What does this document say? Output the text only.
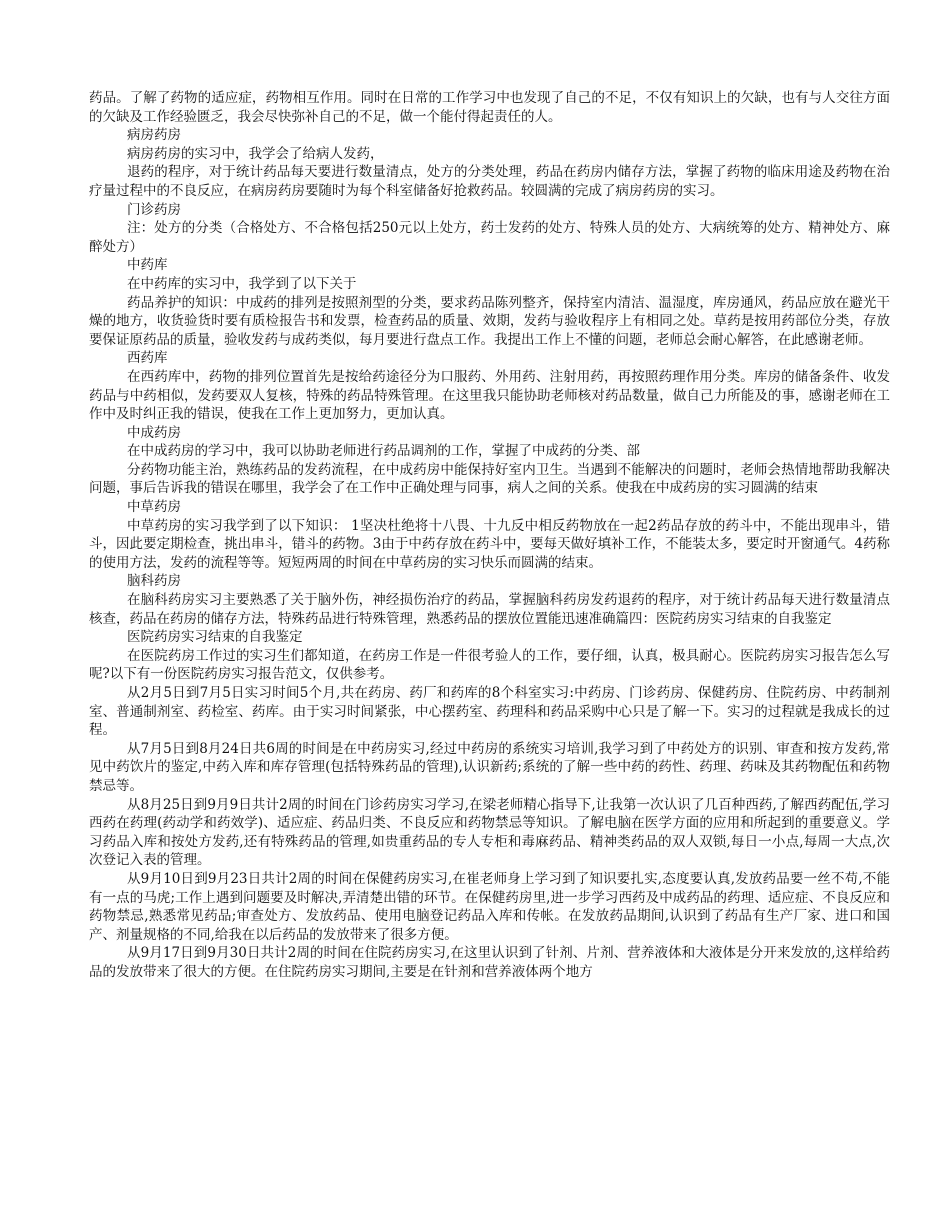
药品。了解了药物的适应症，药物相互作用。同时在日常的工作学习中也发现了自己的不足，不仅有知识上的欠缺，也有与人交往方面的欠缺及工作经验匮乏，我会尽快弥补自己的不足，做一个能付得起责任的人。

病房药房

病房药房的实习中，我学会了给病人发药，

退药的程序，对于统计药品每天要进行数量清点，处方的分类处理，药品在药房内储存方法，掌握了药物的临床用途及药物在治疗量过程中的不良反应，在病房药房要随时为每个科室储备好抢救药品。较圆满的完成了病房药房的实习。

门诊药房

注：处方的分类（合格处方、不合格包括250元以上处方，药士发药的处方、特殊人员的处方、大病统筹的处方、精神处方、麻醉处方）

中药库

在中药库的实习中，我学到了以下关于

药品养护的知识：中成药的排列是按照剂型的分类，要求药品陈列整齐，保持室内清洁、温湿度，库房通风，药品应放在避光干燥的地方，收货验货时要有质检报告书和发票，检查药品的质量、效期，发药与验收程序上有相同之处。草药是按用药部位分类，存放要保证原药品的质量，验收发药与成药类似，每月要进行盘点工作。我提出工作上不懂的问题，老师总会耐心解答，在此感谢老师。

西药库

在西药库中，药物的排列位置首先是按给药途径分为口服药、外用药、注射用药，再按照药理作用分类。库房的储备条件、收发药品与中药相似，发药要双人复核，特殊的药品特殊管理。在这里我只能协助老师核对药品数量，做自己力所能及的事，感谢老师在工作中及时纠正我的错误，使我在工作上更加努力，更加认真。

中成药房

在中成药房的学习中，我可以协助老师进行药品调剂的工作，掌握了中成药的分类、部

分药物功能主治，熟练药品的发药流程，在中成药房中能保持好室内卫生。当遇到不能解决的问题时，老师会热情地帮助我解决问题，事后告诉我的错误在哪里，我学会了在工作中正确处理与同事，病人之间的关系。使我在中成药房的实习圆满的结束

中草药房

中草药房的实习我学到了以下知识： 1坚决杜绝将十八畏、十九反中相反药物放在一起2药品存放的药斗中，不能出现串斗，错斗，因此要定期检查，挑出串斗，错斗的药物。3由于中药存放在药斗中，要每天做好填补工作，不能装太多，要定时开窗通气。4药称的使用方法，发药的流程等等。短短两周的时间在中草药房的实习快乐而圆满的结束。

脑科药房

在脑科药房实习主要熟悉了关于脑外伤，神经损伤治疗的药品，掌握脑科药房发药退药的程序，对于统计药品每天进行数量清点核查，药品在药房的储存方法，特殊药品进行特殊管理，熟悉药品的摆放位置能迅速准确篇四：医院药房实习结束的自我鉴定

医院药房实习结束的自我鉴定

在医院药房工作过的实习生们都知道，在药房工作是一件很考验人的工作，要仔细，认真，极具耐心。医院药房实习报告怎么写呢?以下有一份医院药房实习报告范文，仅供参考。

从2月5日到7月5日实习时间5个月,共在药房、药厂和药库的8个科室实习:中药房、门诊药房、保健药房、住院药房、中药制剂室、普通制剂室、药检室、药库。由于实习时间紧张，中心摆药室、药理科和药品采购中心只是了解一下。实习的过程就是我成长的过程。

从7月5日到8月24日共6周的时间是在中药房实习,经过中药房的系统实习培训,我学习到了中药处方的识别、审查和按方发药,常见中药饮片的鉴定,中药入库和库存管理(包括特殊药品的管理),认识新药;系统的了解一些中药的药性、药理、药味及其药物配伍和药物禁忌等。

从8月25日到9月9日共计2周的时间在门诊药房实习学习,在梁老师精心指导下,让我第一次认识了几百种西药,了解西药配伍,学习西药在药理(药动学和药效学)、适应症、药品归类、不良反应和药物禁忌等知识。了解电脑在医学方面的应用和所起到的重要意义。学习药品入库和按处方发药,还有特殊药品的管理,如贵重药品的专人专柜和毒麻药品、精神类药品的双人双锁,每日一小点,每周一大点,次次登记入表的管理。

从9月10日到9月23日共计2周的时间在保健药房实习,在崔老师身上学习到了知识要扎实,态度要认真,发放药品要一丝不苟,不能有一点的马虎;工作上遇到问题要及时解决,弄清楚出错的环节。在保健药房里,进一步学习西药及中成药品的药理、适应症、不良反应和药物禁忌,熟悉常见药品;审查处方、发放药品、使用电脑登记药品入库和传帐。在发放药品期间,认识到了药品有生产厂家、进口和国产、剂量规格的不同,给我在以后药品的发放带来了很多方便。

从9月17日到9月30日共计2周的时间在住院药房实习,在这里认识到了针剂、片剂、营养液体和大液体是分开来发放的,这样给药品的发放带来了很大的方便。在住院药房实习期间,主要是在针剂和营养液体两个地方
